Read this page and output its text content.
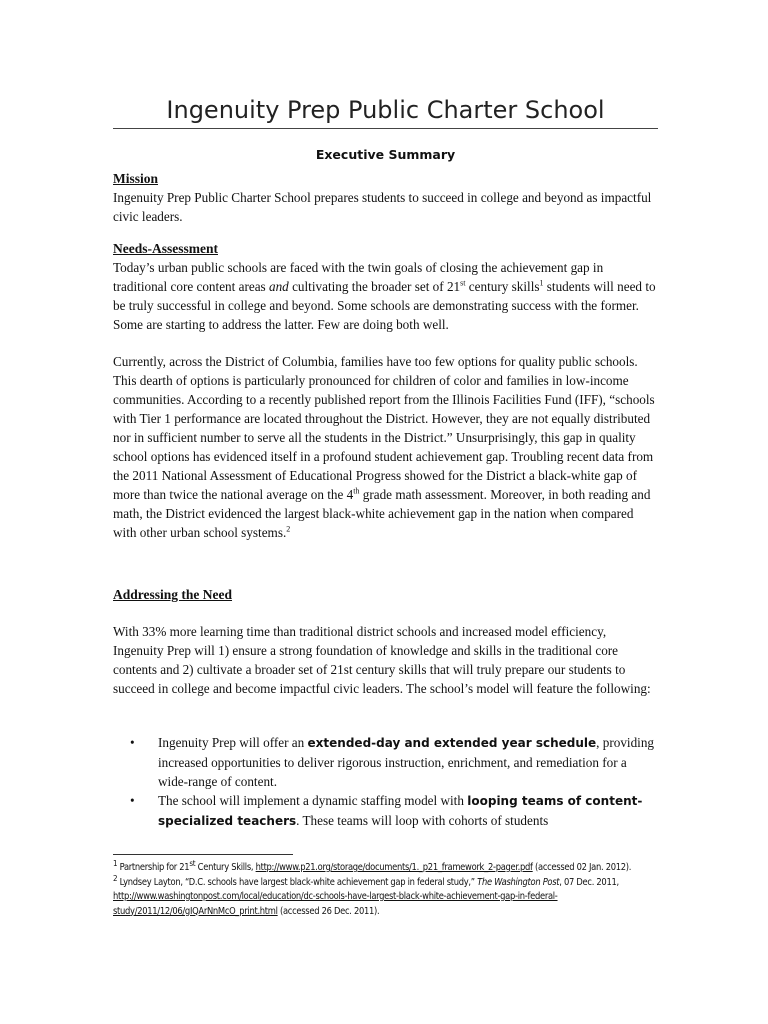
Ingenuity Prep Public Charter School
Executive Summary
Mission

Ingenuity Prep Public Charter School prepares students to succeed in college and beyond as impactful civic leaders.

Needs-Assessment

Today’s urban public schools are faced with the twin goals of closing the achievement gap in traditional core content areas and cultivating the broader set of 21st century skills$^1$ students will need to be truly successful in college and beyond. Some schools are demonstrating success with the former. Some are starting to address the latter. Few are doing both well.

Currently, across the District of Columbia, families have too few options for quality public schools. This dearth of options is particularly pronounced for children of color and families in low-income communities. According to a recently published report from the Illinois Facilities Fund (IFF), “schools with Tier 1 performance are located throughout the District. However, they are not equally distributed nor in sufficient number to serve all the students in the District.” Unsurprisingly, this gap in quality school options has evidenced itself in a profound student achievement gap. Troubling recent data from the 2011 National Assessment of Educational Progress showed for the District a black-white gap of more than twice the national average on the 4th grade math assessment. Moreover, in both reading and math, the District evidenced the largest black-white achievement gap in the nation when compared with other urban school systems.$^2$

Addressing the Need

With 33% more learning time than traditional district schools and increased model efficiency, Ingenuity Prep will 1) ensure a strong foundation of knowledge and skills in the traditional core contents and 2) cultivate a broader set of 21st century skills that will truly prepare our students to succeed in college and become impactful civic leaders. The school’s model will feature the following:

• Ingenuity Prep will offer an extended-day and extended year schedule, providing increased opportunities to deliver rigorous instruction, enrichment, and remediation for a wide-range of content.
• The school will implement a dynamic staffing model with looping teams of content-specialized teachers. These teams will loop with cohorts of students
$^1$ Partnership for 21st Century Skills, http://www.p21.org/storage/documents/1._p21_framework_2-pager.pdf (accessed 02 Jan. 2012).
$^2$ Lyndsey Layton, “D.C. schools have largest black-white achievement gap in federal study,” The Washington Post, 07 Dec. 2011, http://www.washingtonpost.com/local/education/dc-schools-have-largest-black-white-achievement-gap-in-federal-study/2011/12/06/gIQArNnMcO_print.html (accessed 26 Dec. 2011).
